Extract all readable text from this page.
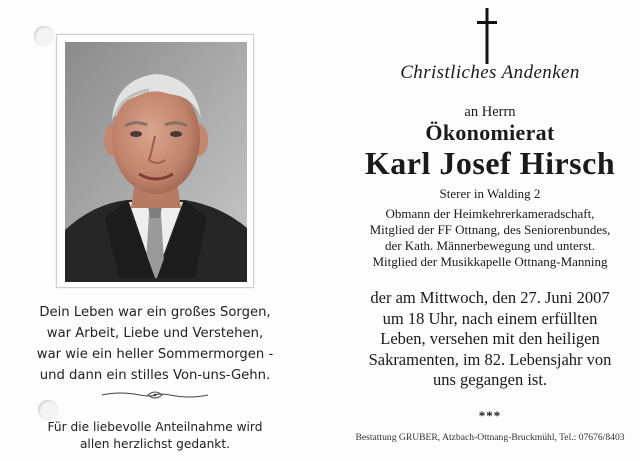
Dein Leben war ein großes Sorgen,
war Arbeit, Liebe und Verstehen,
war wie ein heller Sommermorgen -
und dann ein stilles Von-uns-Gehn.
Für die liebevolle Anteilnahme wird
allen herzlichst gedankt.
Christliches Andenken
an Herrn
Ökonomierat
Karl Josef Hirsch
Sterer in Walding 2
Obmann der Heimkehrerkameradschaft,
Mitglied der FF Ottnang, des Seniorenbundes,
der Kath. Männerbewegung und unterst.
Mitglied der Musikkapelle Ottnang-Manning
der am Mittwoch, den 27. Juni 2007
um 18 Uhr, nach einem erfüllten
Leben, versehen mit den heiligen
Sakramenten, im 82. Lebensjahr von
uns gegangen ist.
***
Bestattung GRUBER, Atzbach-Ottnang-Bruckmühl, Tel.: 07676/8403
